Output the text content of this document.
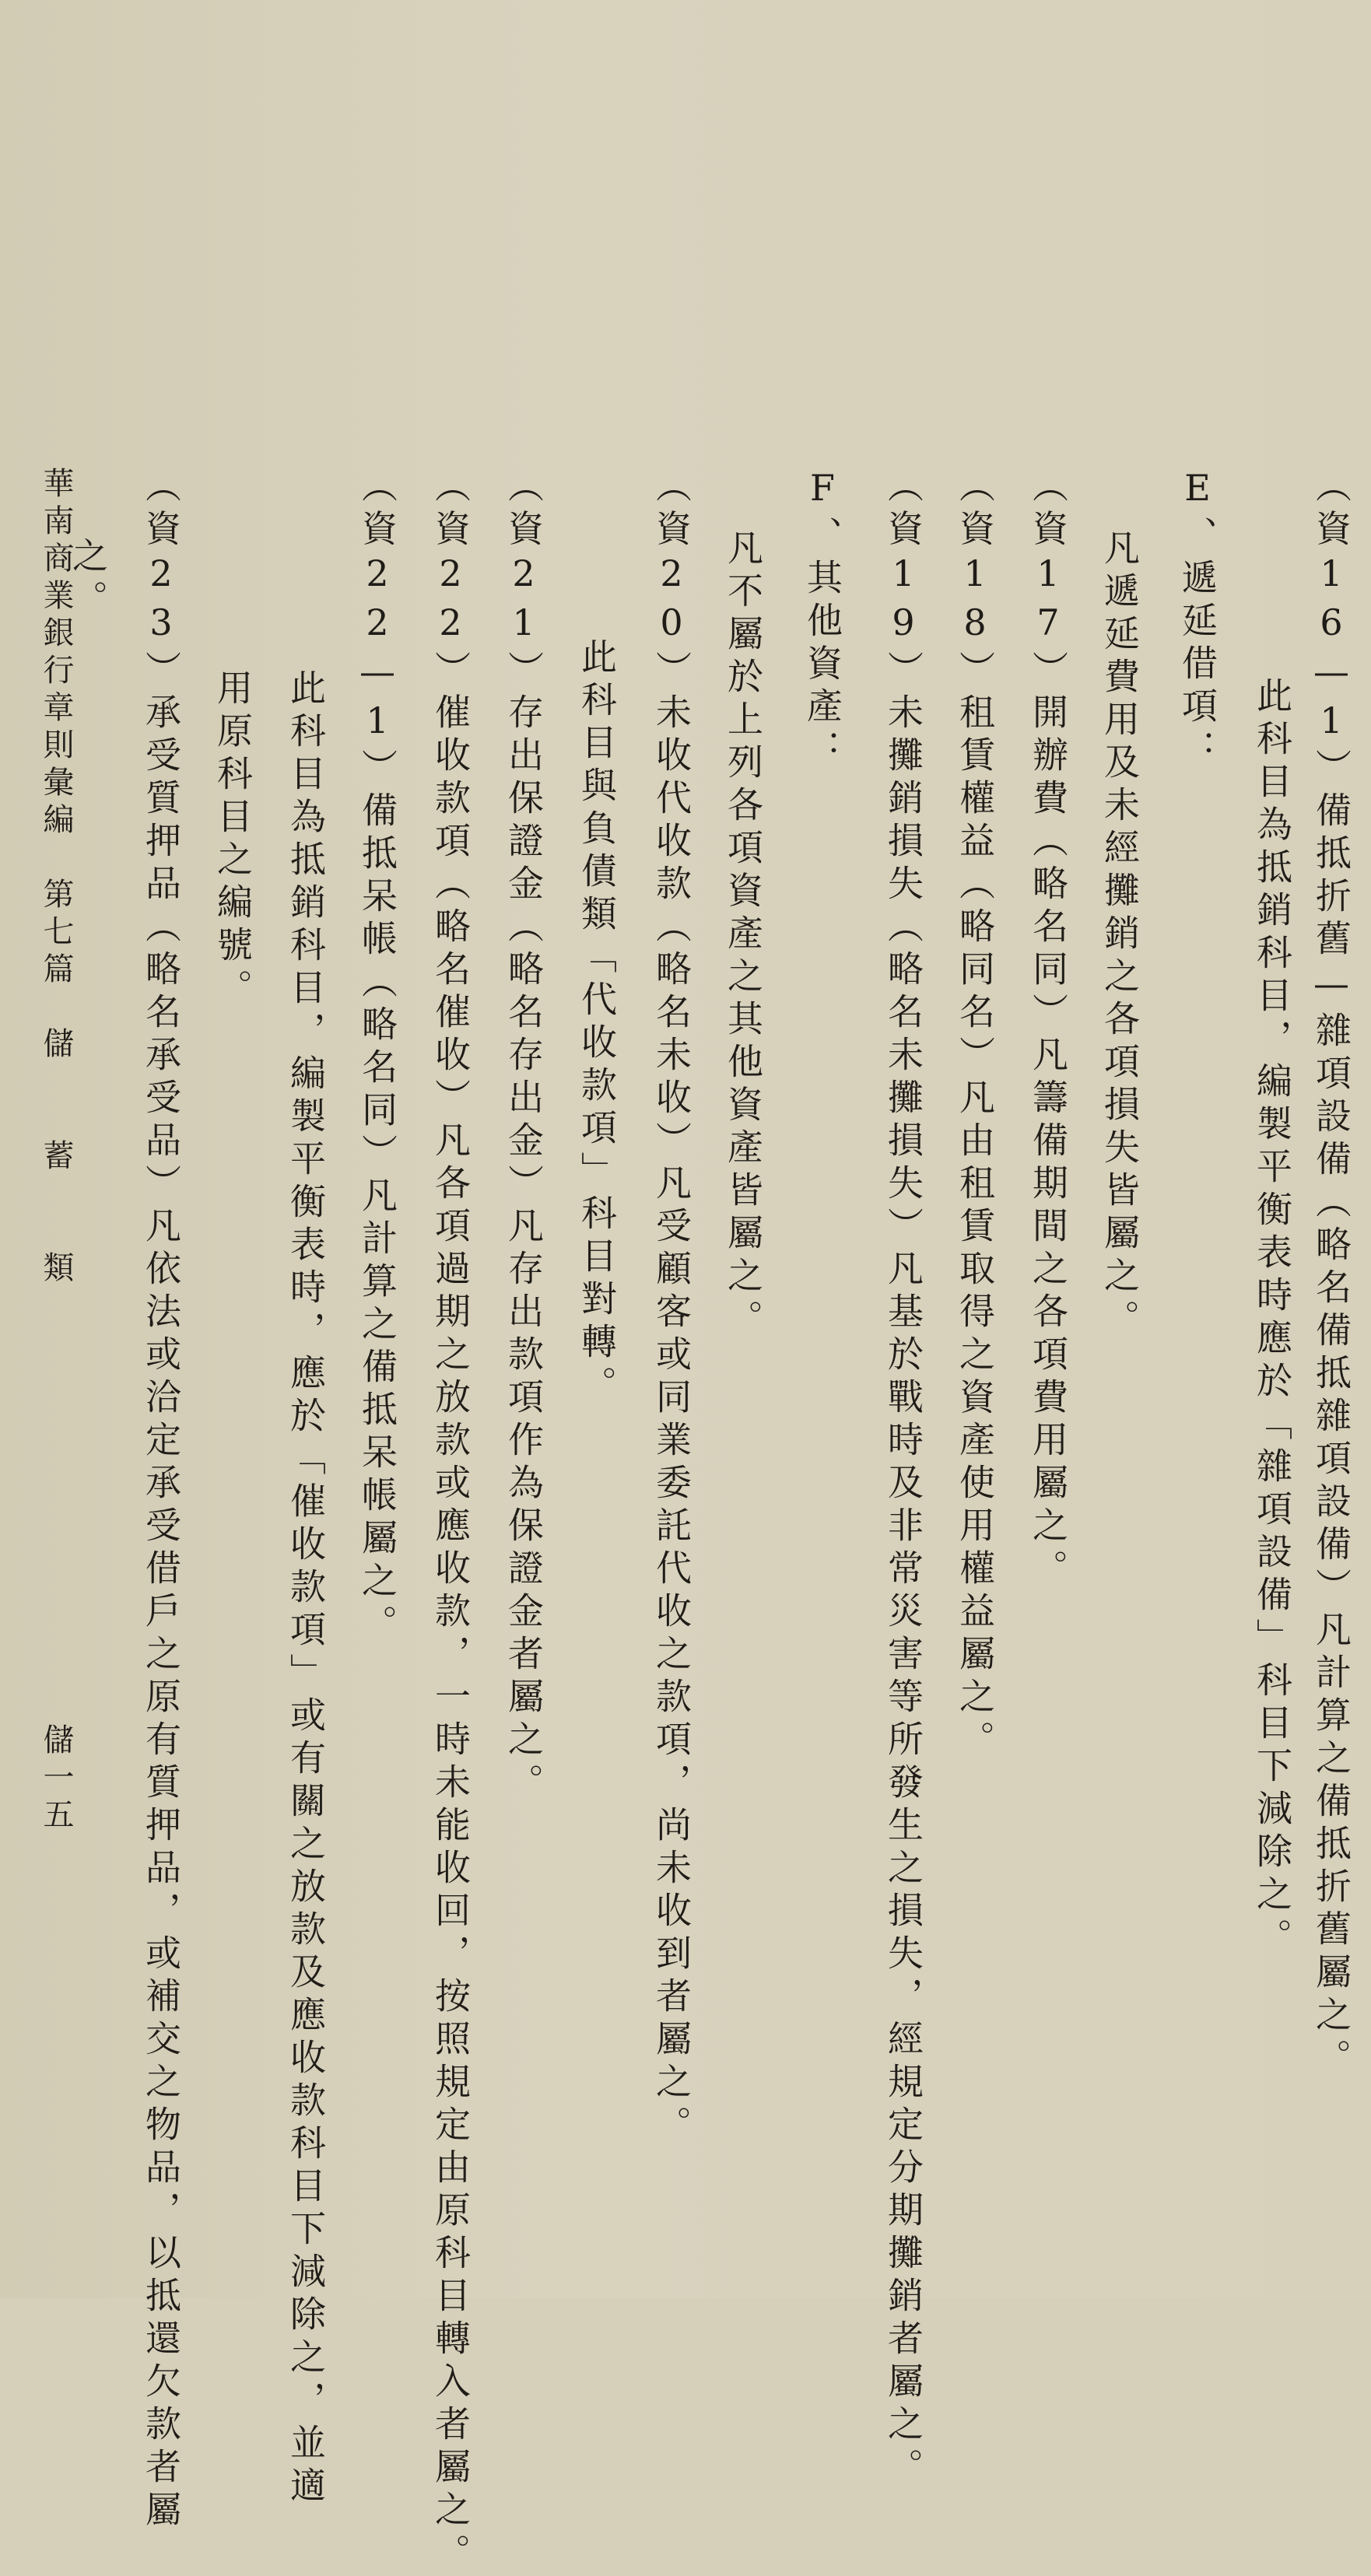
（資16—1）備抵折舊—雜項設備（略名備抵雜項設備）凡計算之備抵折舊屬之。
此科目為抵銷科目，編製平衡表時應於「雜項設備」科目下減除之。
E、遞延借項：
凡遞延費用及未經攤銷之各項損失皆屬之。
（資17）開辦費（略名同）凡籌備期間之各項費用屬之。
（資18）租賃權益（略同名）凡由租賃取得之資產使用權益屬之。
（資19）未攤銷損失（略名未攤損失）凡基於戰時及非常災害等所發生之損失，經規定分期攤銷者屬之。
F、其他資產：
凡不屬於上列各項資產之其他資產皆屬之。
（資20）未收代收款（略名未收）凡受顧客或同業委託代收之款項，尚未收到者屬之。
此科目與負債類「代收款項」科目對轉。
（資21）存出保證金（略名存出金）凡存出款項作為保證金者屬之。
（資22）催收款項（略名催收）凡各項過期之放款或應收款，一時未能收回，按照規定由原科目轉入者屬之。
（資22—1）備抵呆帳（略名同）凡計算之備抵呆帳屬之。
此科目為抵銷科目，編製平衡表時，應於「催收款項」或有關之放款及應收款科目下減除之，並適
用原科目之編號。
（資23）承受質押品（略名承受品）凡依法或洽定承受借戶之原有質押品，或補交之物品，以抵還欠款者屬
之。
華南商業銀行章則彙編　第七篇　儲　　蓄　　類
儲一五
